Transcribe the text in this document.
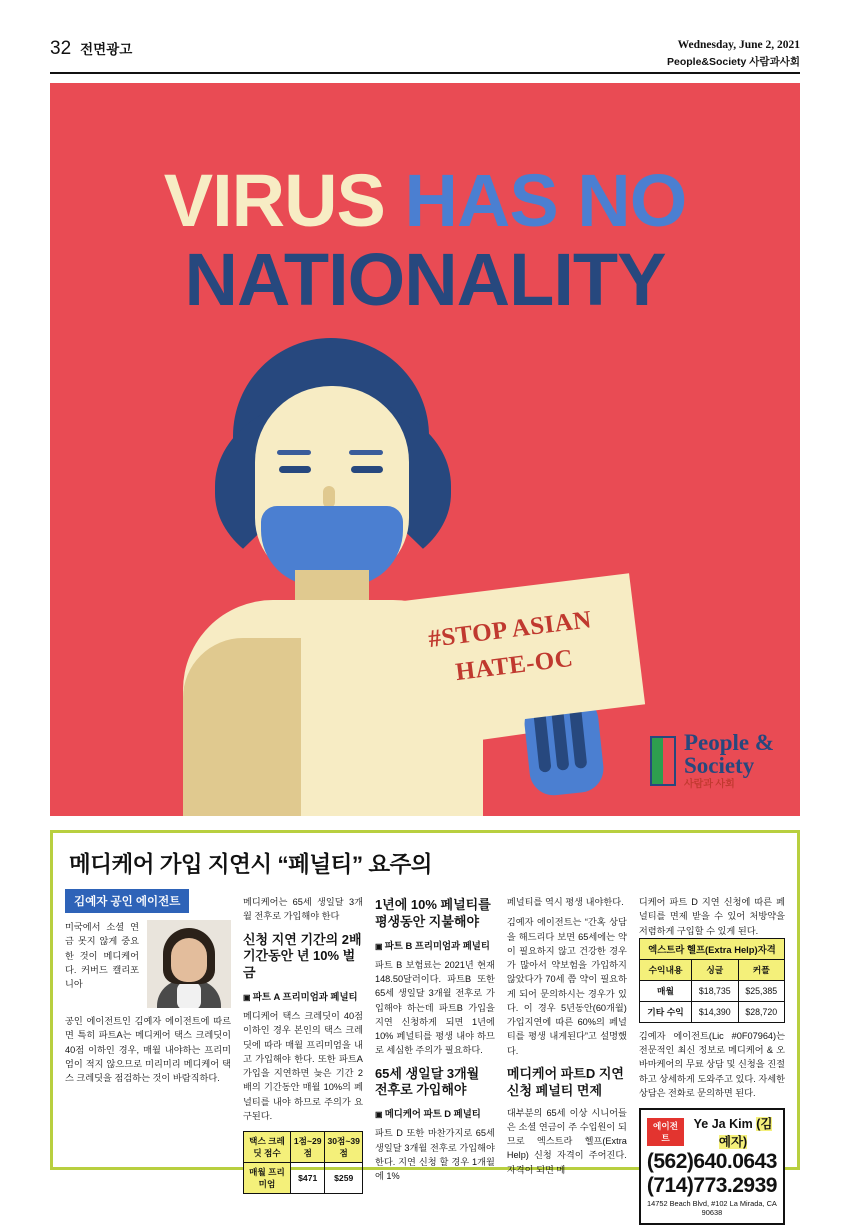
32 전면광고	Wednesday, June 2, 2021
People&Society 사람과사회
VIRUS HAS NO
NATIONALITY
#STOP ASIAN
HATE-OC
People &
Society
사람과 사회
메디케어 가입 지연시 “페널티” 요주의
김예자 공인 에이전트
미국에서 소셜 연금 못지 않게 중요한 것이 메디케어다. 커버드 캘리포니아
공인 에이전트인 김예자 에이전트에 따르면 특히 파트A는 메디케어 택스 크레딧이 40점 이하인 경우, 매월 내야하는 프리미엄이 적지 않으므로 미리미리 메디케어 택스 크레딧을 점검하는 것이 바람직하다.
메디케어는 65세 생일달 3개월 전후로 가입해야 한다
신청 지연 기간의 2배 기간동안 년 10% 벌금
▣ 파트 A 프리미엄과 페널티
메디케어 택스 크레딧이 40점 이하인 경우 본인의 택스 크레딧에 따라 매월 프리미엄을 내고 가입해야 한다. 또한 파트A 가입을 지연하면 늦은 기간 2배의 기간동안 매월 10%의 페널티를 내야 하므로 주의가 요구된다.
택스 크레딧 점수	1점~29점	30점~39점
매월 프리미엄	$471	$259
1년에 10% 페널티를 평생동안 지불해야
▣ 파트 B 프리미엄과 페널티
파트 B 보험료는 2021년 현재 148.50달러이다. 파트B 또한 65세 생일달 3개월 전후로 가입해야 하는데 파트B 가입을 지연 신청하게 되면 1년에 10% 페널티를 평생 내야 하므로 세심한 주의가 필요하다.
65세 생일달 3개월 전후로 가입해야
▣ 메디케어 파트 D 페널티
파트 D 또한 마찬가지로 65세 생일달 3개월 전후로 가입해야 한다. 지연 신청 할 경우 1개월에 1%
페널티를 역시 평생 내야한다.
김예자 에이전트는 “간혹 상담을 해드리다 보면 65세에는 약이 필요하지 않고 건강한 경우가 많아서 약보험을 가입하지 않았다가 70세 쯤 약이 필요하게 되어 문의하시는 경우가 있다. 이 경우 5년동안(60개월) 가입지연에 따른 60%의 페널티를 평생 내게된다”고 설명했다.
메디케어 파트D 지연신청 페널티 면제
대부분의 65세 이상 시니어들은 소셜 연금이 주 수입원이 되므로 엑스트라 헬프(Extra Help) 신청 자격이 주어진다. 자격이 되면 메
디케어 파트 D 지연 신청에 따른 페널티를 면제 받을 수 있어 처방약을 저렴하게 구입할 수 있게 된다.
엑스트라 헬프(Extra Help)자격
수익내용	싱글	커플
매월	$18,735	$25,385
기타 수익	$14,390	$28,720
김예자 에이전트(Lic #0F07964)는 전문적인 최신 정보로 메디케어 & 오바마케어의 무료 상담 및 신청을 진절하고 상세하게 도와주고 있다. 자세한 상담은 전화로 문의하면 된다.
에이전트
Ye Ja Kim (김예자)
(562)640.0643
(714)773.2939
14752 Beach Blvd, #102 La Mirada, CA 90638
